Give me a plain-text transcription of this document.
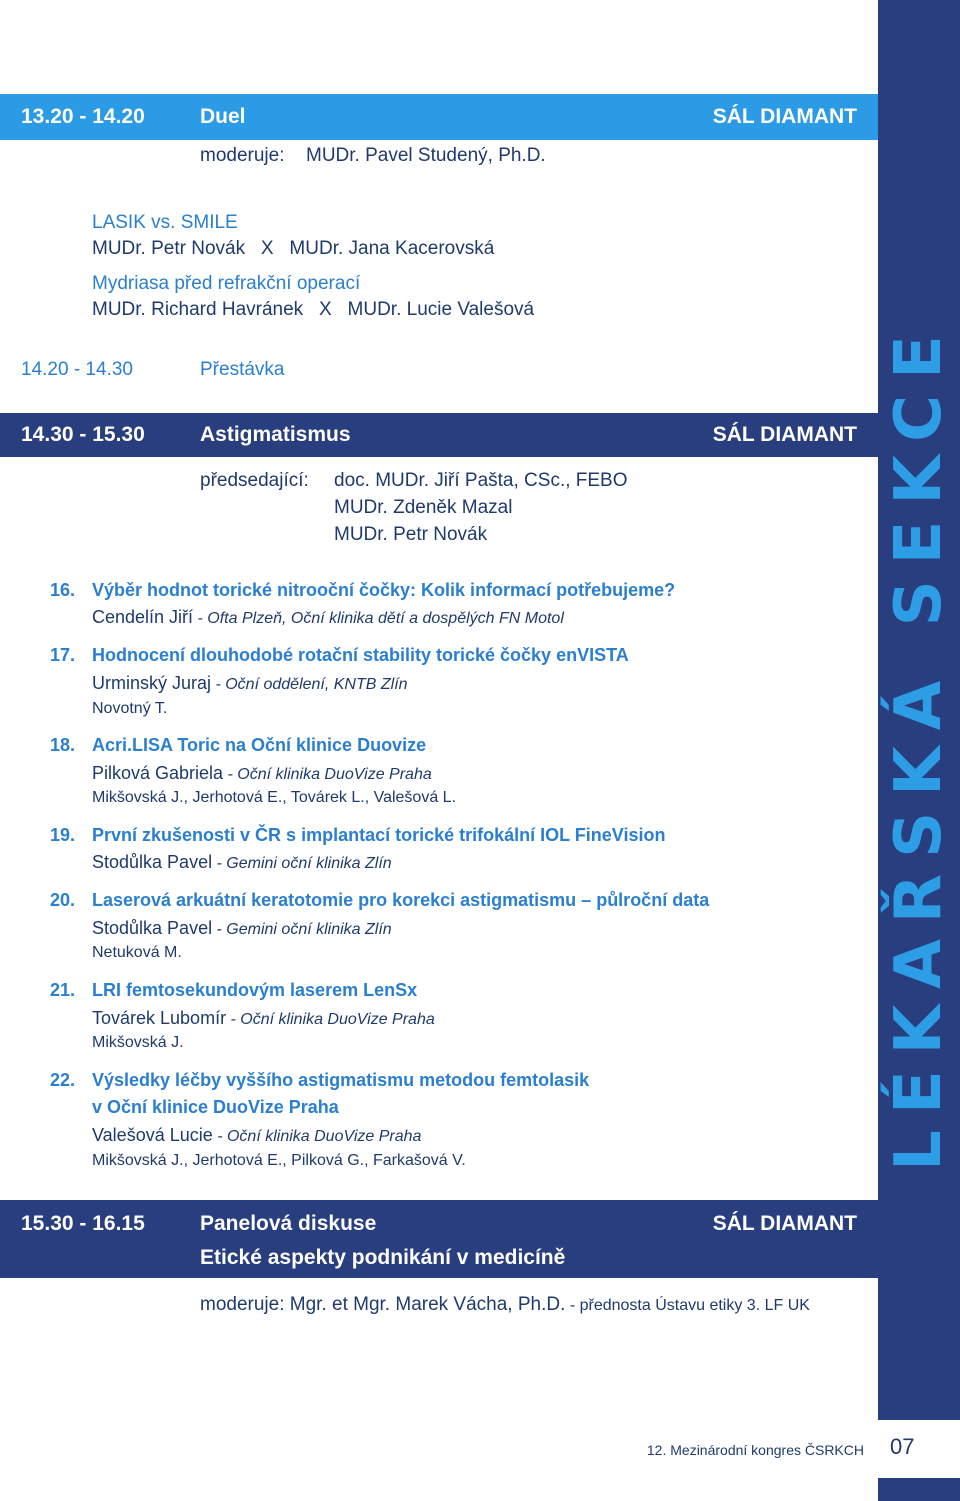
LÉKAŘSKÁ SEKCE
07
13.20 - 14.20	Duel	SÁL DIAMANT
moderuje: MUDr. Pavel Studený, Ph.D.
LASIK vs. SMILE
MUDr. Petr Novák   X   MUDr. Jana Kacerovská
Mydriasa před refrakční operací
MUDr. Richard Havránek   X   MUDr. Lucie Valešová
14.20 - 14.30	Přestávka
14.30 - 15.30	Astigmatismus	SÁL DIAMANT
předsedající: doc. MUDr. Jiří Pašta, CSc., FEBO
MUDr. Zdeněk Mazal
MUDr. Petr Novák
16. Výběr hodnot torické nitrooční čočky: Kolik informací potřebujeme?
Cendelín Jiří - Ofta Plzeň, Oční klinika dětí a dospělých FN Motol
17. Hodnocení dlouhodobé rotační stability torické čočky enVISTA
Urminský Juraj - Oční oddělení, KNTB Zlín
Novotný T.
18. Acri.LISA Toric na Oční klinice Duovize
Pilková Gabriela - Oční klinika DuoVize Praha
Mikšovská J., Jerhotová E., Továrek L., Valešová L.
19. První zkušenosti v ČR s implantací torické trifokální IOL FineVision
Stodůlka Pavel - Gemini oční klinika Zlín
20. Laserová arkuátní keratotomie pro korekci astigmatismu – půlroční data
Stodůlka Pavel - Gemini oční klinika Zlín
Netuková M.
21. LRI femtosekundovým laserem LenSx
Továrek Lubomír - Oční klinika DuoVize Praha
Mikšovská J.
22. Výsledky léčby vyššího astigmatismu metodou femtolasik
v Oční klinice DuoVize Praha
Valešová Lucie - Oční klinika DuoVize Praha
Mikšovská J., Jerhotová E., Pilková G., Farkašová V.
15.30 - 16.15	Panelová diskuse	SÁL DIAMANT
Etické aspekty podnikání v medicíně
moderuje: Mgr. et Mgr. Marek Vácha, Ph.D. - přednosta Ústavu etiky 3. LF UK
12. Mezinárodní kongres ČSRKCH
